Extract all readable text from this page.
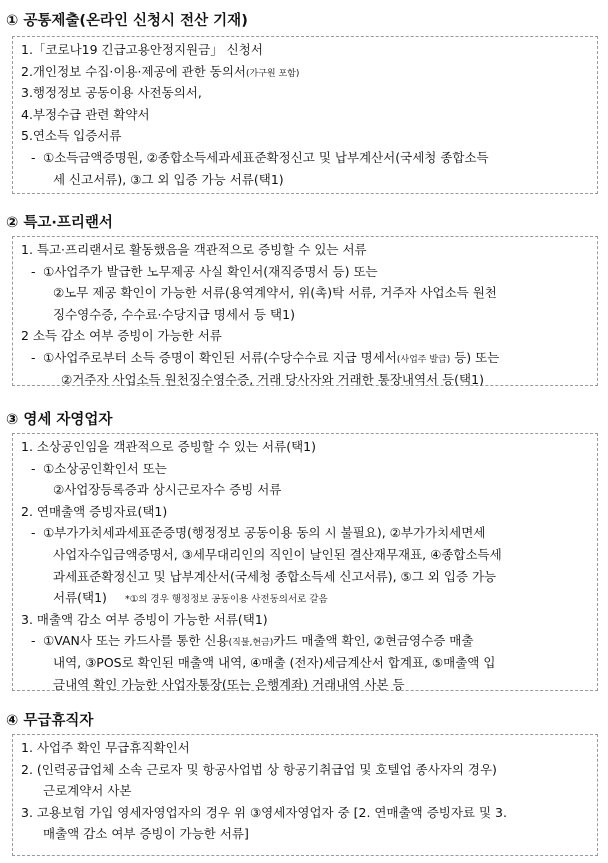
① 공통제출(온라인 신청시 전산 기재)
1.「코로나19 긴급고용안정지원금」 신청서
2.개인정보 수집·이용·제공에 관한 동의서(가구원 포함)
3.행정정보 공동이용 사전동의서,
4.부정수급 관련 확약서
5.연소득 입증서류
- ①소득금액증명원, ②종합소득세과세표준확정신고 및 납부계산서(국세청 종합소득
세 신고서류), ③그 외 입증 가능 서류(택1)
② 특고·프리랜서
1. 특고·프리랜서로 활동했음을 객관적으로 증빙할 수 있는 서류
- ①사업주가 발급한 노무제공 사실 확인서(재직증명서 등) 또는
②노무 제공 확인이 가능한 서류(용역계약서, 위(촉)탁 서류, 거주자 사업소득 원천
징수영수증, 수수료·수당지급 명세서 등 택1)
2 소득 감소 여부 증빙이 가능한 서류
- ①사업주로부터 소득 증명이 확인된 서류(수당수수료 지급 명세서(사업주 발급) 등) 또는
②거주자 사업소득 원천징수영수증, 거래 당사자와 거래한 통장내역서 등(택1)
③ 영세 자영업자
1. 소상공인임을 객관적으로 증빙할 수 있는 서류(택1)
- ①소상공인확인서 또는
②사업장등록증과 상시근로자수 증빙 서류
2. 연매출액 증빙자료(택1)
- ①부가가치세과세표준증명(행정정보 공동이용 동의 시 불필요), ②부가가치세면세
사업자수입금액증명서, ③세무대리인의 직인이 날인된 결산재무재표, ④종합소득세
과세표준확정신고 및 납부계산서(국세청 종합소득세 신고서류), ⑤그 외 입증 가능
서류(택1) *①의 경우 행정정보 공동이용 사전동의서로 갈음
3. 매출액 감소 여부 증빙이 가능한 서류(택1)
- ①VAN사 또는 카드사를 통한 신용(직불,현금)카드 매출액 확인, ②현금영수증 매출
내역, ③POS로 확인된 매출액 내역, ④매출 (전자)세금계산서 합계표, ⑤매출액 입
금내역 확인 가능한 사업자통장(또는 은행계좌) 거래내역 사본 등
④ 무급휴직자
1. 사업주 확인 무급휴직확인서
2. (인력공급업체 소속 근로자 및 항공사업법 상 항공기취급업 및 호텔업 종사자의 경우)
근로계약서 사본
3. 고용보험 가입 영세자영업자의 경우 위 ③영세자영업자 중 [2. 연매출액 증빙자료 및 3.
매출액 감소 여부 증빙이 가능한 서류]
